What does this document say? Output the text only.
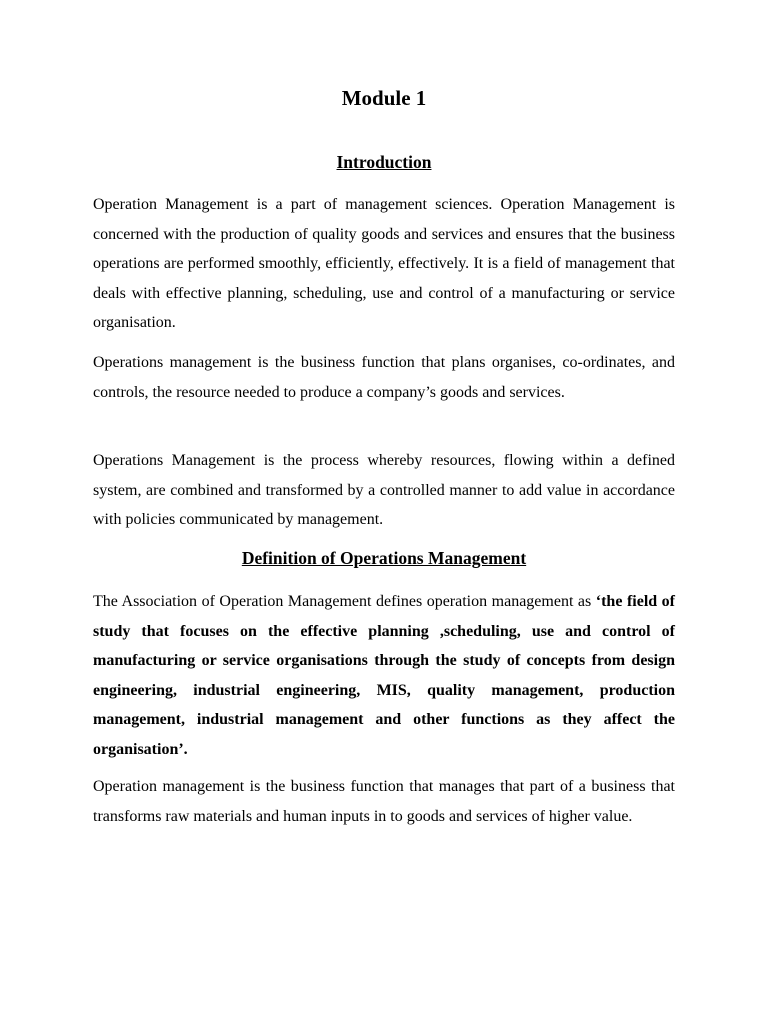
Module 1
Introduction

Operation Management is a part of management sciences. Operation Management is concerned with the production of quality goods and services and ensures that the business operations are performed smoothly, efficiently, effectively. It is a field of management that deals with effective planning, scheduling, use and control of a manufacturing or service organisation.

Operations management is the business function that plans organises, co-ordinates, and controls, the resource needed to produce a company’s goods and services.

Operations Management is the process whereby resources, flowing within a defined system, are combined and transformed by a controlled manner to add value in accordance with policies communicated by management.

Definition of Operations Management

The Association of Operation Management defines operation management as ‘the field of study that focuses on the effective planning ,scheduling, use and control of manufacturing or service organisations through the study of concepts from design engineering, industrial engineering, MIS, quality management, production management, industrial management and other functions as they affect the organisation’.

Operation management is the business function that manages that part of a business that transforms raw materials and human inputs in to goods and services of higher value.
